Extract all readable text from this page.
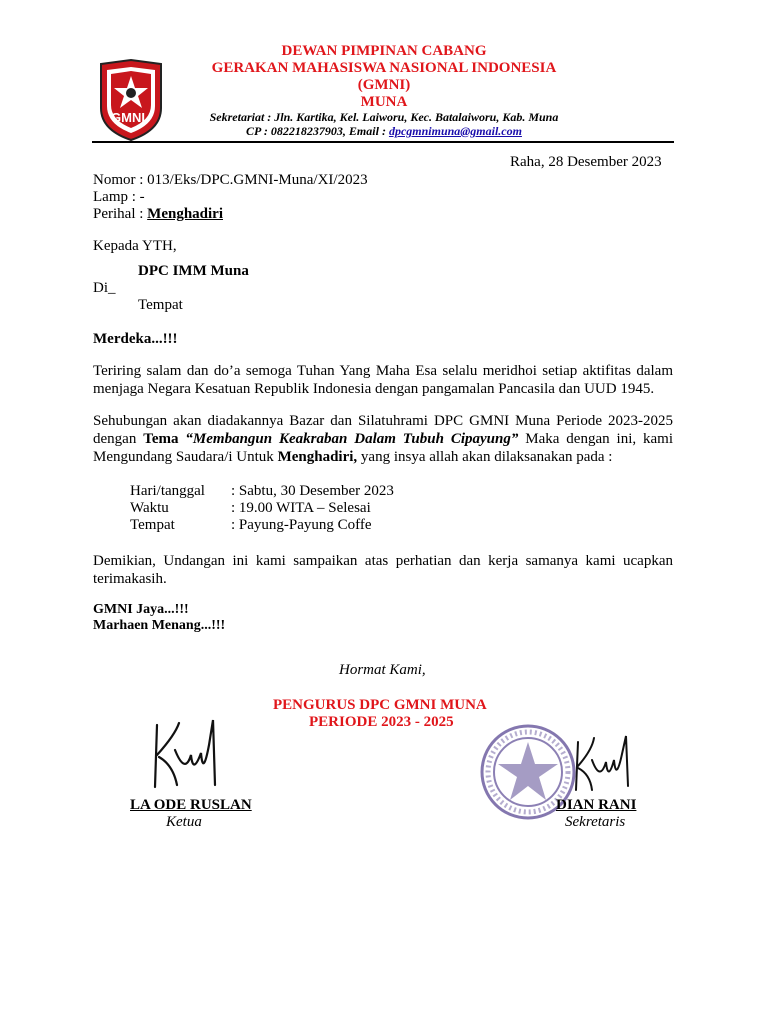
GMNI
DEWAN PIMPINAN CABANG
GERAKAN MAHASISWA NASIONAL INDONESIA
(GMNI)
MUNA
Sekretariat : Jln. Kartika, Kel. Laiworu, Kec. Batalaiworu, Kab. Muna
CP : 082218237903, Email : dpcgmnimuna@gmail.com
Raha, 28 Desember 2023
Nomor : 013/Eks/DPC.GMNI-Muna/XI/2023
Lamp : -
Perihal : Menghadiri
Kepada YTH,
DPC IMM Muna
Di_
Tempat
Merdeka...!!!
Teriring salam dan do’a semoga Tuhan Yang Maha Esa selalu meridhoi setiap aktifitas dalam menjaga Negara Kesatuan Republik Indonesia dengan pangamalan Pancasila dan UUD 1945.
Sehubungan akan diadakannya Bazar dan Silatuhrami DPC GMNI Muna Periode 2023-2025 dengan Tema “Membangun Keakraban Dalam Tubuh Cipayung” Maka dengan ini, kami Mengundang Saudara/i Untuk Menghadiri, yang insya allah akan dilaksanakan pada :
Hari/tanggal : Sabtu, 30 Desember 2023
Waktu	: 19.00 WITA – Selesai
Tempat	: Payung-Payung Coffe
Demikian, Undangan ini kami sampaikan atas perhatian dan kerja samanya kami ucapkan terimakasih.
GMNI Jaya...!!!
Marhaen Menang...!!!
Hormat Kami,
PENGURUS DPC GMNI MUNA
PERIODE 2023 - 2025
LA ODE RUSLAN
Ketua
DIAN RANI
Sekretaris
